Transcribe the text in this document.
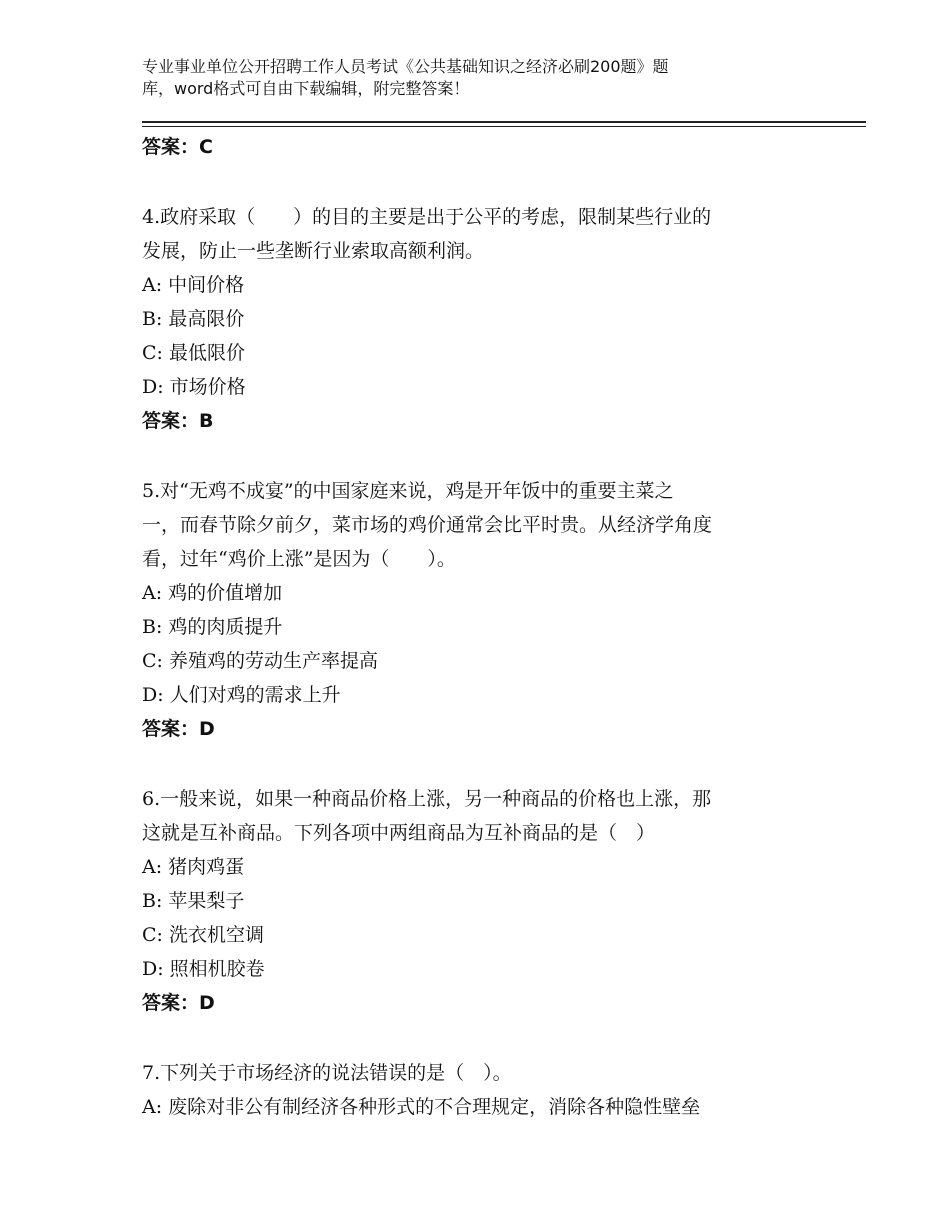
专业事业单位公开招聘工作人员考试《公共基础知识之经济必刷200题》题
库，word格式可自由下载编辑，附完整答案！
答案：C
4.政府采取（　　）的目的主要是出于公平的考虑，限制某些行业的
发展，防止一些垄断行业索取高额利润。
A: 中间价格
B: 最高限价
C: 最低限价
D: 市场价格
答案：B
5.对“无鸡不成宴”的中国家庭来说，鸡是开年饭中的重要主菜之
一，而春节除夕前夕，菜市场的鸡价通常会比平时贵。从经济学角度
看，过年“鸡价上涨”是因为（　　）。
A: 鸡的价值增加
B: 鸡的肉质提升
C: 养殖鸡的劳动生产率提高
D: 人们对鸡的需求上升
答案：D
6.一般来说，如果一种商品价格上涨，另一种商品的价格也上涨，那
这就是互补商品。下列各项中两组商品为互补商品的是（　）
A: 猪肉鸡蛋
B: 苹果梨子
C: 洗衣机空调
D: 照相机胶卷
答案：D
7.下列关于市场经济的说法错误的是（　）。
A: 废除对非公有制经济各种形式的不合理规定，消除各种隐性壁垒
